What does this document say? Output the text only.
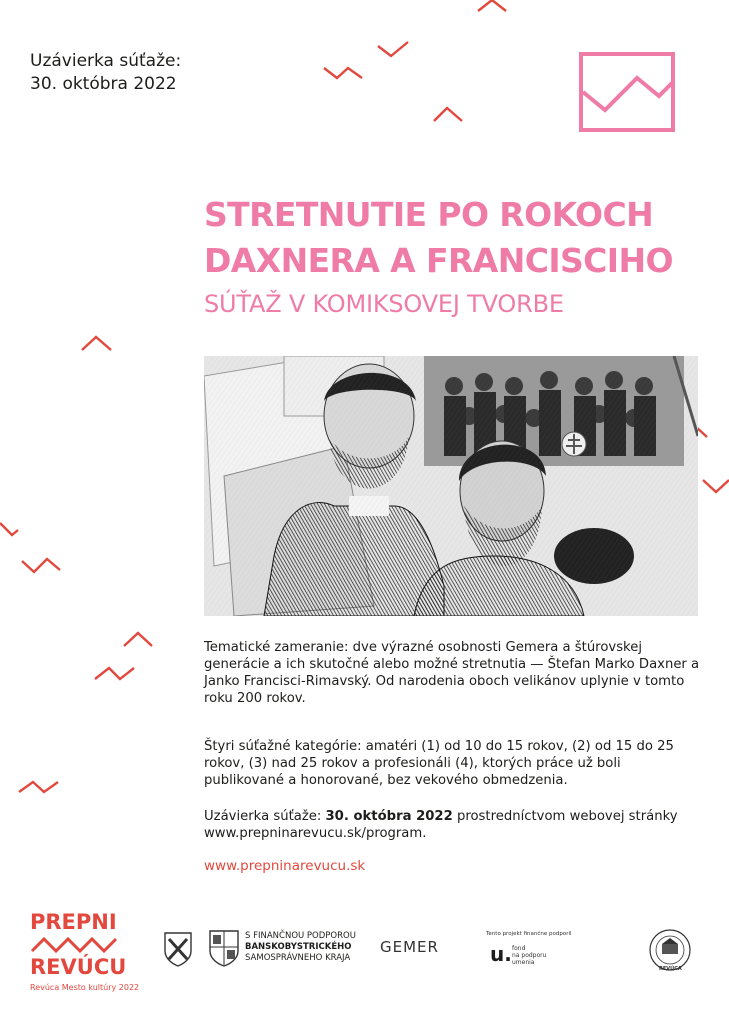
Uzávierka súťaže:
30. októbra 2022
STRETNUTIE PO ROKOCH
DAXNERA A FRANCISCIHO
SÚŤAŽ V KOMIKSOVEJ TVORBE
Tematické zameranie: dve výrazné osobnosti Gemera a štúrovskej generácie a ich skutočné alebo možné stretnutia — Štefan Marko Daxner a Janko Francisci-Rimavský. Od narodenia oboch velikánov uplynie v tomto roku 200 rokov.
Štyri súťažné kategórie: amatéri (1) od 10 do 15 rokov, (2) od 15 do 25 rokov, (3) nad 25 rokov a profesionáli (4), ktorých práce už boli publikované a honorované, bez vekového obmedzenia.
Uzávierka súťaže: 30. októbra 2022 prostredníctvom webovej stránky www.prepninarevucu.sk/program.
www.prepninarevucu.sk
PREPNI
REVÚCU
Revúca Mesto kultúry 2022
S FINANČNOU PODPOROU
BANSKOBYSTRICKÉHO
SAMOSPRÁVNEHO KRAJA
GEMER
Tento projekt finančne podporil
u. fond
na podporu
umenia
REVÚCA
